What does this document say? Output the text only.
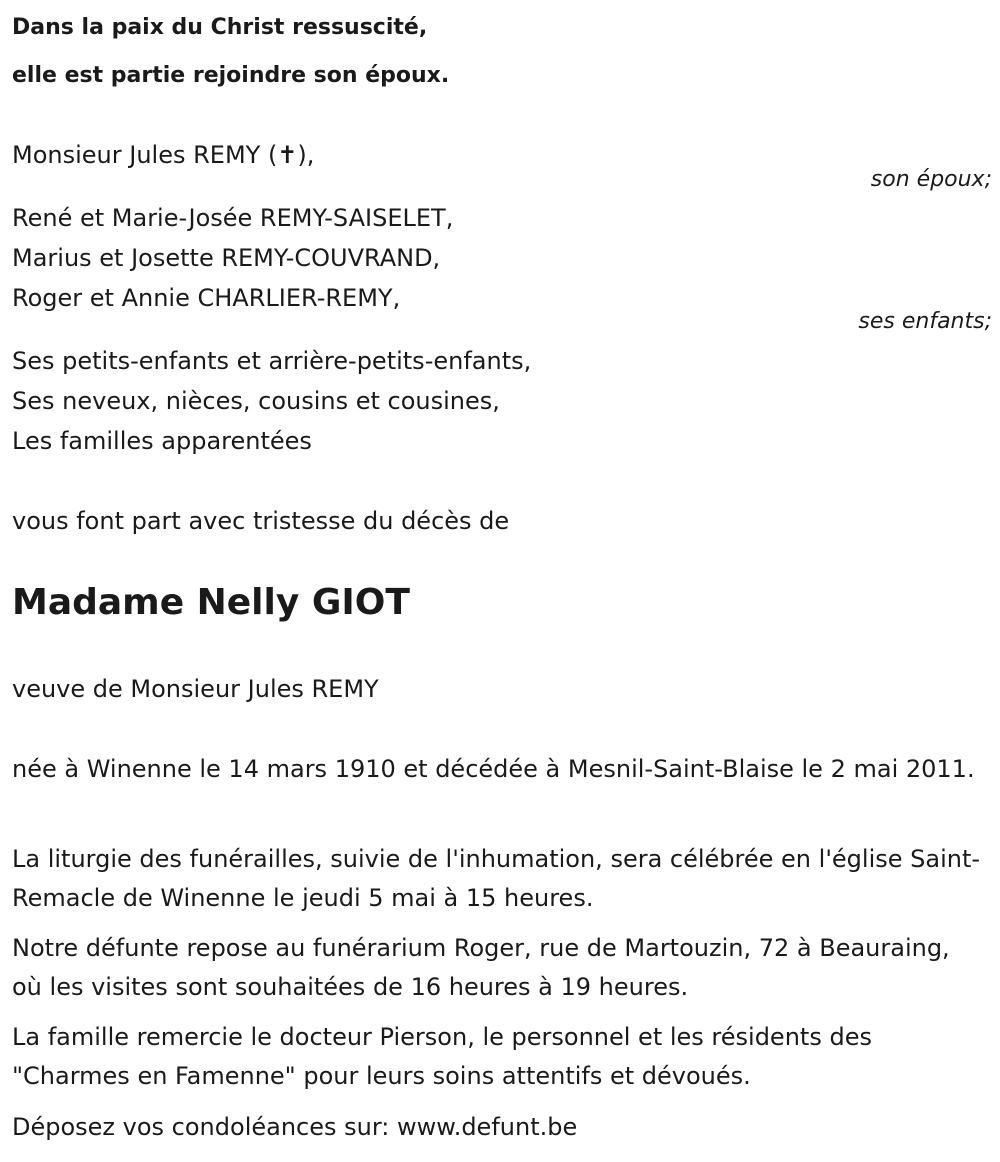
Dans la paix du Christ ressuscité,
elle est partie rejoindre son époux.
Monsieur Jules REMY (✝),
son époux;
René et Marie-Josée REMY-SAISELET,
Marius et Josette REMY-COUVRAND,
Roger et Annie CHARLIER-REMY,
ses enfants;
Ses petits-enfants et arrière-petits-enfants,
Ses neveux, nièces, cousins et cousines,
Les familles apparentées
vous font part avec tristesse du décès de
Madame Nelly GIOT
veuve de Monsieur Jules REMY
née à Winenne le 14 mars 1910 et décédée à Mesnil-Saint-Blaise le 2 mai 2011.
La liturgie des funérailles, suivie de l'inhumation, sera célébrée en l'église Saint-Remacle de Winenne le jeudi 5 mai à 15 heures.
Notre défunte repose au funérarium Roger, rue de Martouzin, 72 à Beauraing, où les visites sont souhaitées de 16 heures à 19 heures.
La famille remercie le docteur Pierson, le personnel et les résidents des "Charmes en Famenne" pour leurs soins attentifs et dévoués.
Déposez vos condoléances sur: www.defunt.be
